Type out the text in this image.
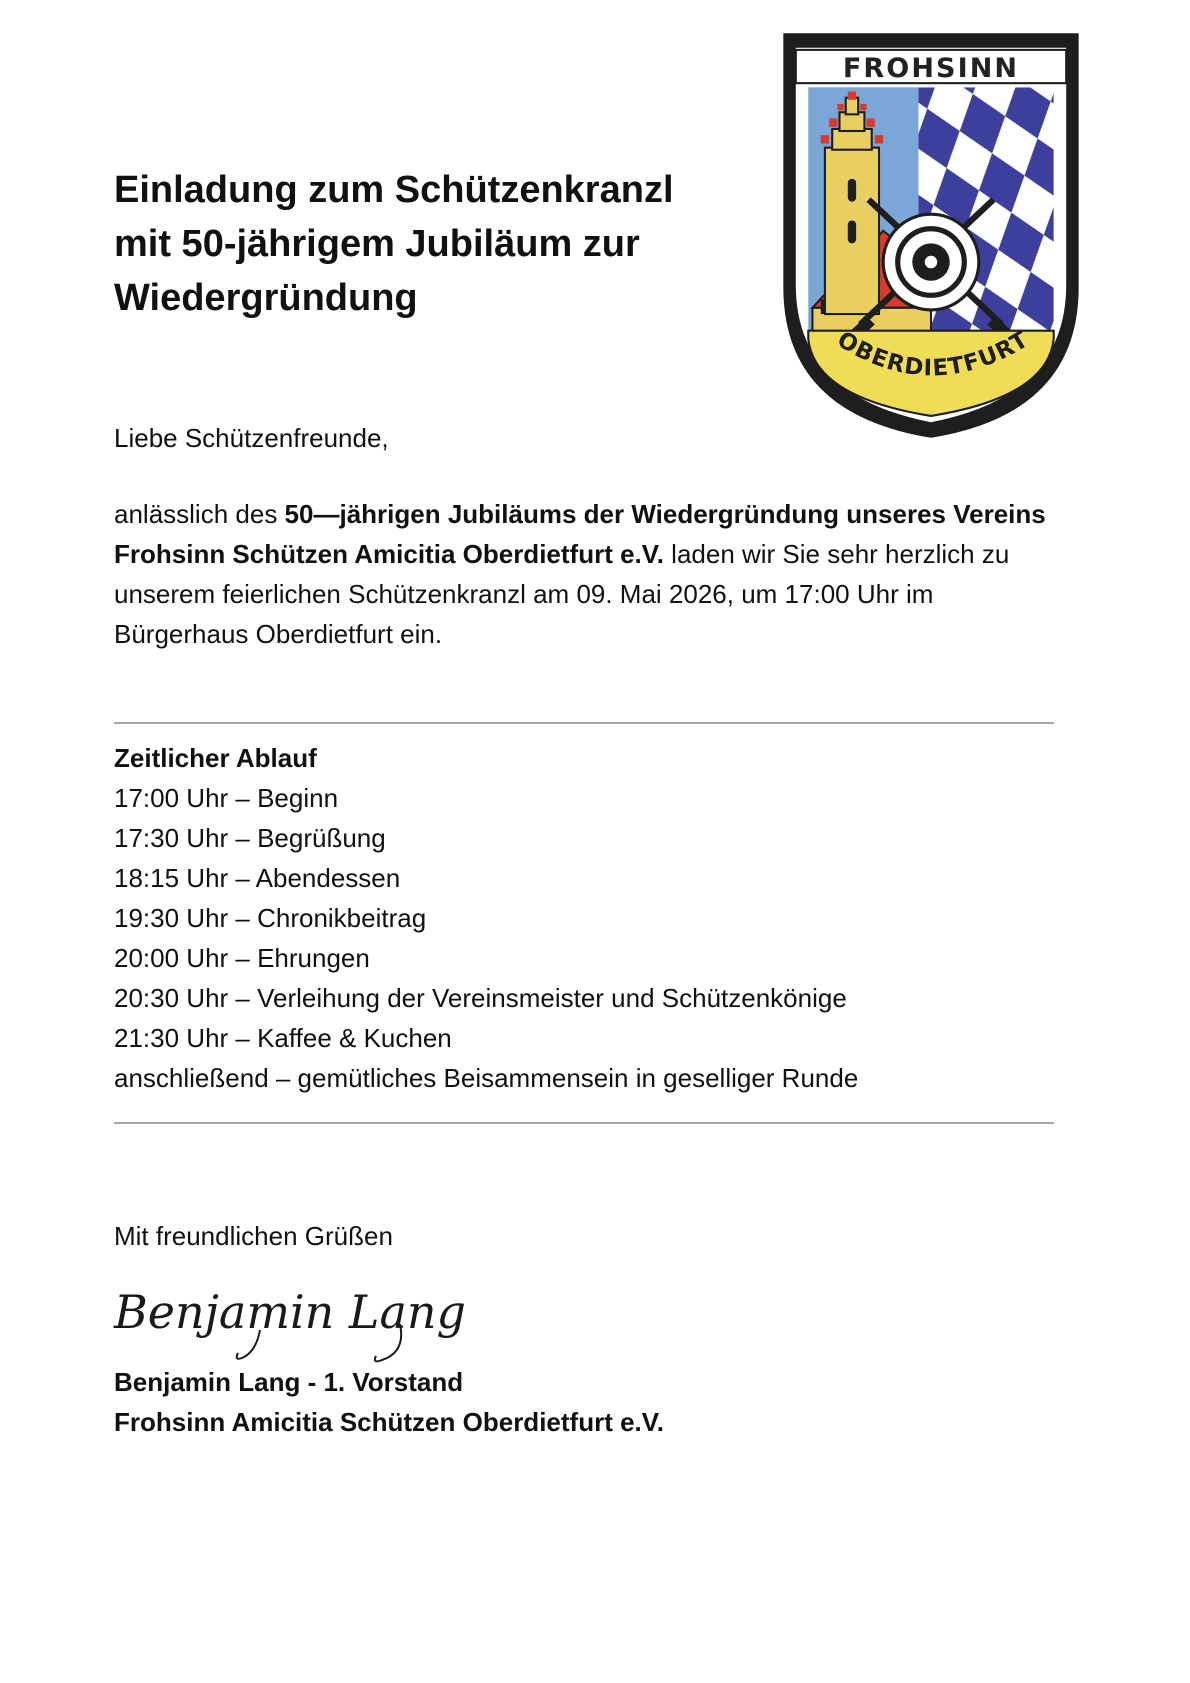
Einladung zum Schützenkranzl
mit 50-jährigem Jubiläum zur
Wiedergründung
FROHSINN
OBERDIETFURT

Liebe Schützenfreunde,

anlässlich des 50—jährigen Jubiläums der Wiedergründung unseres Vereins Frohsinn Schützen Amicitia Oberdietfurt e.V. laden wir Sie sehr herzlich zu unserem feierlichen Schützenkranzl am 09. Mai 2026, um 17:00 Uhr im Bürgerhaus Oberdietfurt ein.

Zeitlicher Ablauf
17:00 Uhr – Beginn
17:30 Uhr – Begrüßung
18:15 Uhr – Abendessen
19:30 Uhr – Chronikbeitrag
20:00 Uhr – Ehrungen
20:30 Uhr – Verleihung der Vereinsmeister und Schützenkönige
21:30 Uhr – Kaffee & Kuchen
anschließend – gemütliches Beisammensein in geselliger Runde

Mit freundlichen Grüßen

Benjamin Lang

Benjamin Lang - 1. Vorstand
Frohsinn Amicitia Schützen Oberdietfurt e.V.
